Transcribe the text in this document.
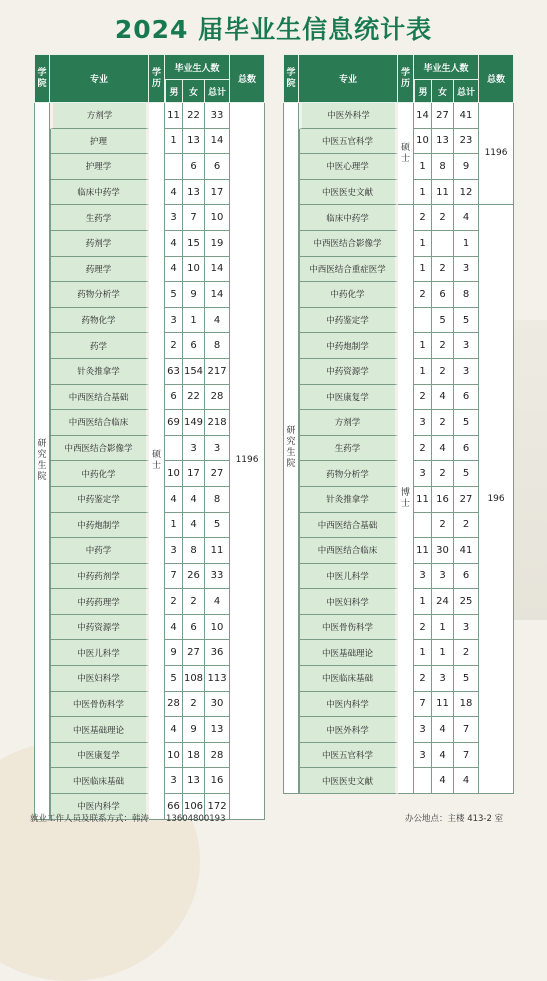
2024 届毕业生信息统计表
学院	专业	学历	毕业生人数			总数
			男	女	总计	
研究生院	方剂学	硕士	11	22	33	1196
	护理		1	13	14	
	护理学			6	6	
	临床中药学		4	13	17	
	生药学		3	7	10	
	药剂学		4	15	19	
	药理学		4	10	14	
	药物分析学		5	9	14	
	药物化学		3	1	4	
	药学		2	6	8	
	针灸推拿学		63	154	217	
	中西医结合基础		6	22	28	
	中西医结合临床		69	149	218	
	中西医结合影像学			3	3	
	中药化学		10	17	27	
	中药鉴定学		4	4	8	
	中药炮制学		1	4	5	
	中药学		3	8	11	
	中药药剂学		7	26	33	
	中药药理学		2	2	4	
	中药资源学		4	6	10	
	中医儿科学		9	27	36	
	中医妇科学		5	108	113	
	中医骨伤科学		28	2	30	
	中医基础理论		4	9	13	
	中医康复学		10	18	28	
	中医临床基础		3	13	16	
	中医内科学		66	106	172	
学院	专业	学历	毕业生人数			总数
			男	女	总计	
研究生院	中医外科学	硕士	14	27	41	1196
	中医五官科学		10	13	23	
	中医心理学		1	8	9	
	中医医史文献		1	11	12	
	临床中药学	博士	2	2	4	196
	中西医结合影像学		1		1	
	中西医结合重症医学		1	2	3	
	中药化学		2	6	8	
	中药鉴定学			5	5	
	中药炮制学		1	2	3	
	中药资源学		1	2	3	
	中医康复学		2	4	6	
	方剂学		3	2	5	
	生药学		2	4	6	
	药物分析学		3	2	5	
	针灸推拿学		11	16	27	
	中西医结合基础			2	2	
	中西医结合临床		11	30	41	
	中医儿科学		3	3	6	
	中医妇科学		1	24	25	
	中医骨伤科学		2	1	3	
	中医基础理论		1	1	2	
	中医临床基础		2	3	5	
	中医内科学		7	11	18	
	中医外科学		3	4	7	
	中医五官科学		3	4	7	
	中医医史文献			4	4	
就业工作人员及联系方式：韩涛　　13604800193	办公地点：主楼 413-2 室
